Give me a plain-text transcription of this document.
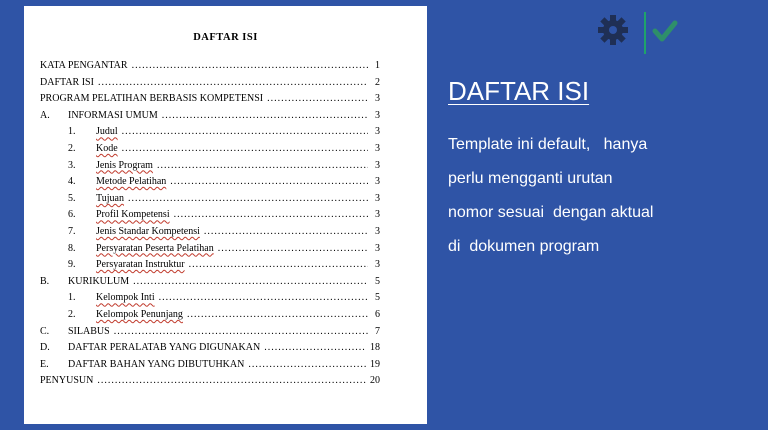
DAFTAR ISI
KATA PENGANTAR .....	1
DAFTAR ISI .....	2
PROGRAM PELATIHAN BERBASIS KOMPETENSI .....	3
A.	INFORMASI UMUM .....	3
1.	Judul .....	3
2.	Kode .....	3
3.	Jenis Program .....	3
4.	Metode Pelatihan .....	3
5.	Tujuan .....	3
6.	Profil Kompetensi .....	3
7.	Jenis Standar Kompetensi .....	3
8.	Persyaratan Peserta Pelatihan .....	3
9.	Persyaratan Instruktur .....	3
B.	KURIKULUM .....	5
1.	Kelompok Inti .....	5
2.	Kelompok Penunjang .....	6
C.	SILABUS .....	7
D.	DAFTAR PERALATAB YANG DIGUNAKAN .....	18
E.	DAFTAR BAHAN YANG DIBUTUHKAN .....	19
PENYUSUN .....	20
DAFTAR ISI
Template ini default,   hanya
perlu mengganti urutan
nomor sesuai  dengan aktual
di  dokumen program
